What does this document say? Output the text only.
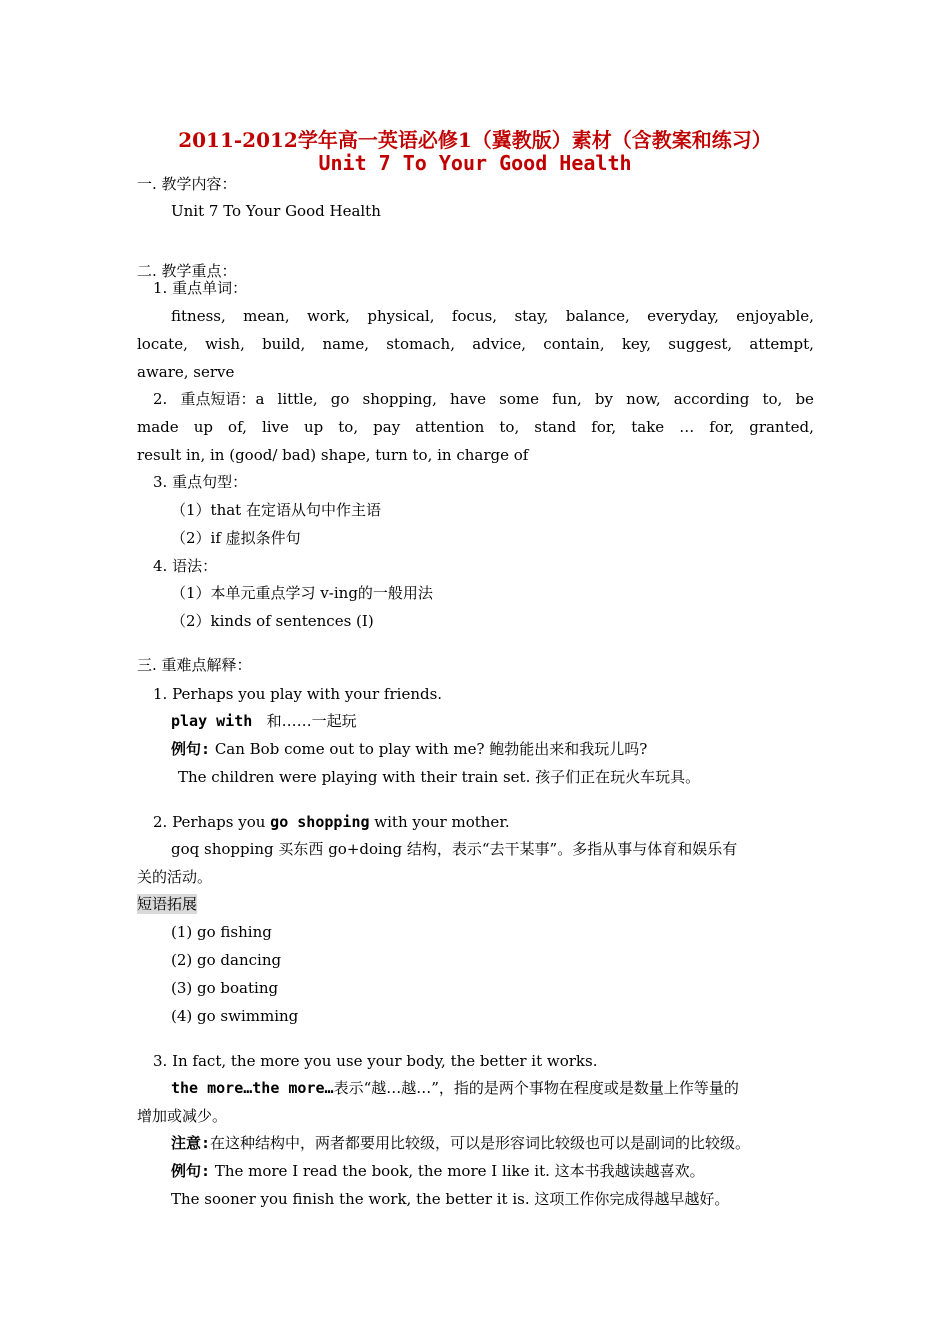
2011-2012学年高一英语必修1（冀教版）素材（含教案和练习）
Unit 7 To Your Good Health
一. 教学内容：
Unit 7 To Your Good Health
二. 教学重点：
1. 重点单词：
fitness, mean, work, physical, focus, stay, balance, everyday, enjoyable,
locate, wish, build, name, stomach, advice, contain, key, suggest, attempt,
aware, serve
2. 重点短语：a little, go shopping, have some fun, by now, according to, be
made up of, live up to, pay attention to, stand for, take … for, granted,
result in, in (good/ bad) shape, turn to, in charge of
3. 重点句型：
（1）that 在定语从句中作主语
（2）if 虚拟条件句
4. 语法：
（1）本单元重点学习 v-ing的一般用法
（2）kinds of sentences (I)
三. 重难点解释：
1. Perhaps you play with your friends.
play with 和……一起玩
例句: Can Bob come out to play with me? 鲍勃能出来和我玩儿吗?
The children were playing with their train set. 孩子们正在玩火车玩具。
2. Perhaps you go shopping with your mother.
goq shopping 买东西 go+doing 结构，表示“去干某事”。多指从事与体育和娱乐有
关的活动。
短语拓展
(1) go fishing
(2) go dancing
(3) go boating
(4) go swimming
3. In fact, the more you use your body, the better it works.
the more…the more…表示“越…越…”，指的是两个事物在程度或是数量上作等量的
增加或减少。
注意:在这种结构中，两者都要用比较级，可以是形容词比较级也可以是副词的比较级。
例句: The more I read the book, the more I like it. 这本书我越读越喜欢。
The sooner you finish the work, the better it is. 这项工作你完成得越早越好。
